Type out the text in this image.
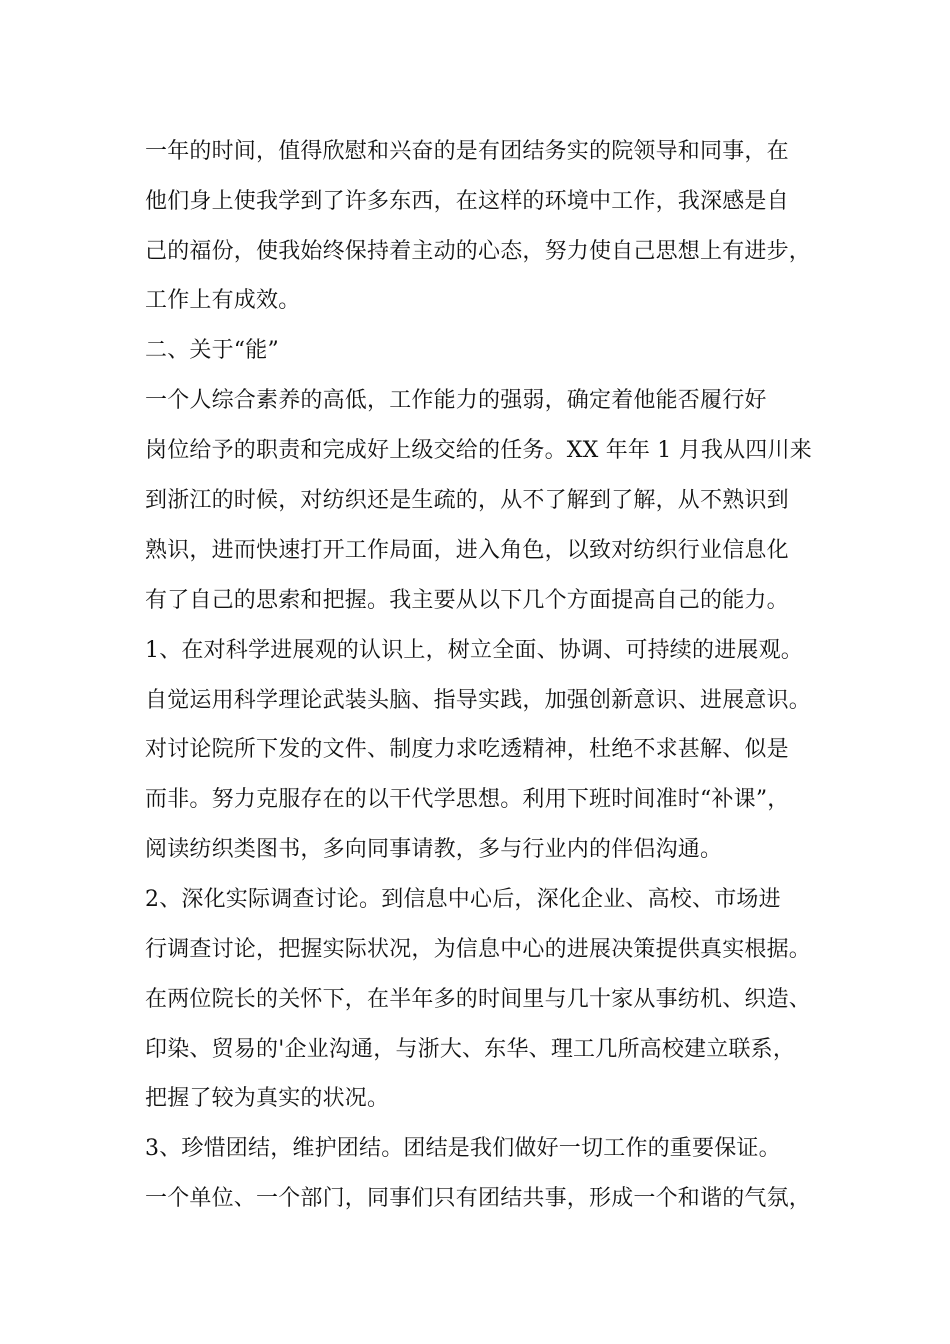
一年的时间，值得欣慰和兴奋的是有团结务实的院领导和同事，在
他们身上使我学到了许多东西，在这样的环境中工作，我深感是自
己的福份，使我始终保持着主动的心态，努力使自己思想上有进步，
工作上有成效。
二、关于“能”
一个人综合素养的高低，工作能力的强弱，确定着他能否履行好
岗位给予的职责和完成好上级交给的任务。XX 年年 1 月我从四川来
到浙江的时候，对纺织还是生疏的，从不了解到了解，从不熟识到
熟识，进而快速打开工作局面，进入角色，以致对纺织行业信息化
有了自己的思索和把握。我主要从以下几个方面提高自己的能力。
1、在对科学进展观的认识上，树立全面、协调、可持续的进展观。
自觉运用科学理论武装头脑、指导实践，加强创新意识、进展意识。
对讨论院所下发的文件、制度力求吃透精神，杜绝不求甚解、似是
而非。努力克服存在的以干代学思想。利用下班时间准时“补课”，
阅读纺织类图书，多向同事请教，多与行业内的伴侣沟通。
2、深化实际调查讨论。到信息中心后，深化企业、高校、市场进
行调查讨论，把握实际状况，为信息中心的进展决策提供真实根据。
在两位院长的关怀下，在半年多的时间里与几十家从事纺机、织造、
印染、贸易的'企业沟通，与浙大、东华、理工几所高校建立联系，
把握了较为真实的状况。
3、珍惜团结，维护团结。团结是我们做好一切工作的重要保证。
一个单位、一个部门，同事们只有团结共事，形成一个和谐的气氛，
